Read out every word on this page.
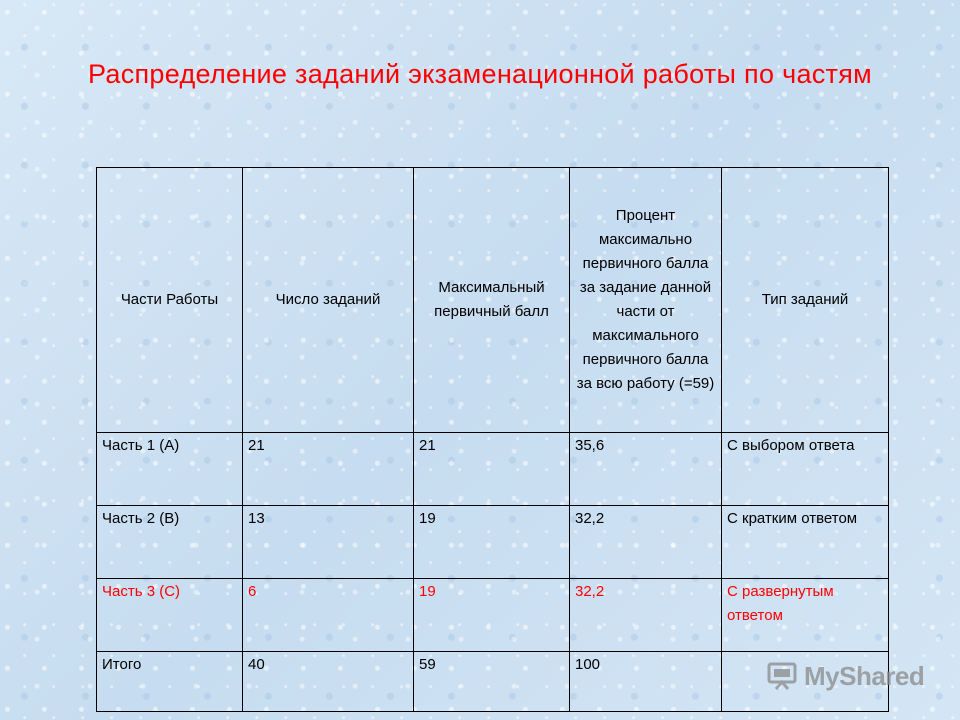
Распределение заданий экзаменационной работы по частям
Части Работы	Число заданий	Максимальный первичный балл	Процент максимально первичного балла за задание данной части от максимального первичного балла за всю работу (=59)	Тип заданий
Часть 1 (А)	21	21	35,6	С выбором ответа
Часть 2 (В)	13	19	32,2	С кратким ответом
Часть 3 (С)	6	19	32,2	С развернутым ответом
Итого	40	59	100		MyShared
